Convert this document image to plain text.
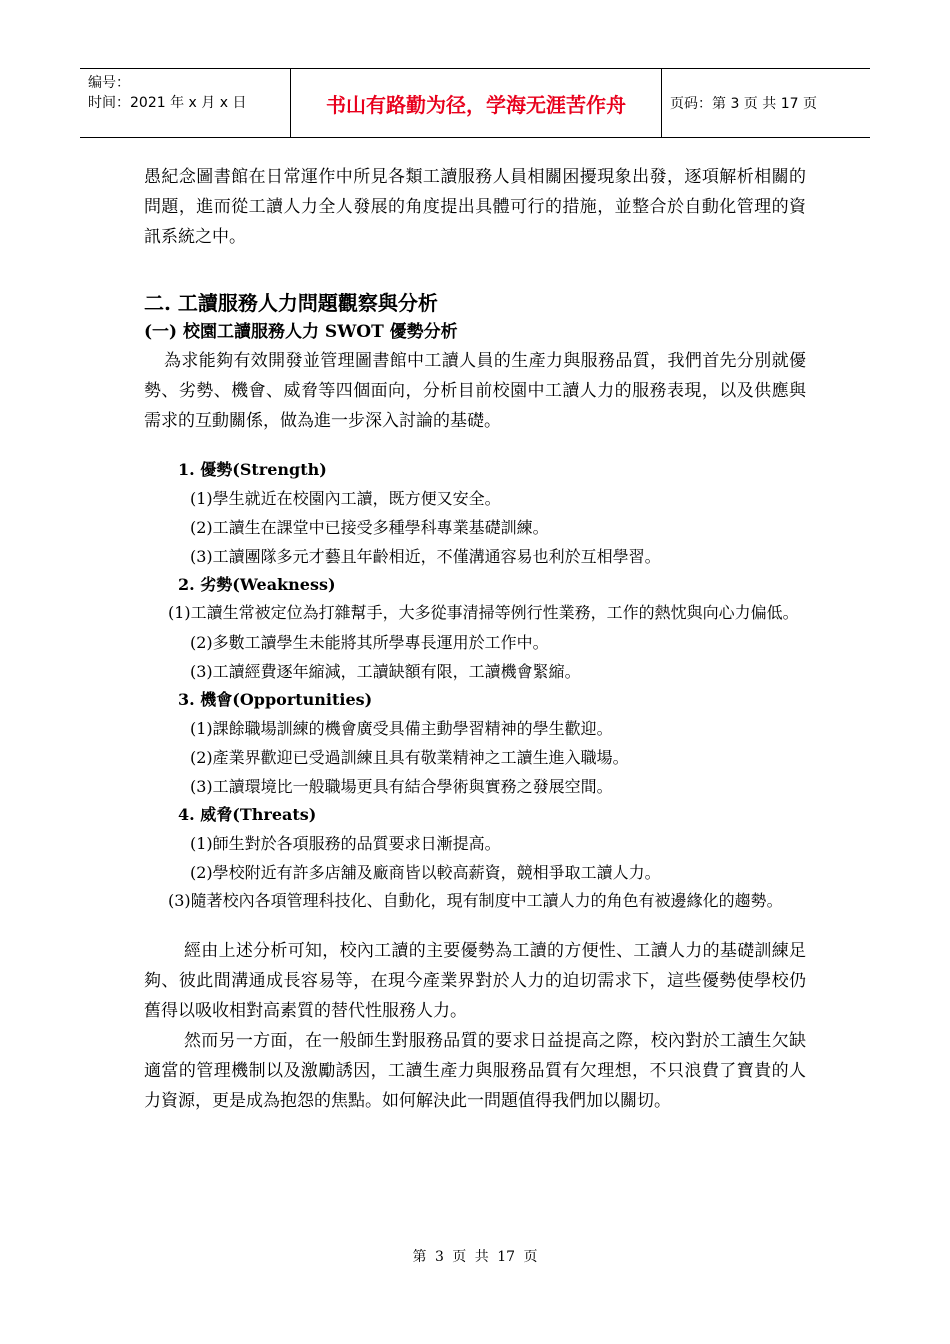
编号：
时间：2021 年 x 月 x 日	书山有路勤为径，学海无涯苦作舟	页码：第 3 页 共 17 页

愚紀念圖書館在日常運作中所見各類工讀服務人員相關困擾現象出發，逐項解析相關的問題，進而從工讀人力全人發展的角度提出具體可行的措施，並整合於自動化管理的資訊系統之中。

二. 工讀服務人力問題觀察與分析

(一) 校園工讀服務人力 SWOT 優勢分析

為求能夠有效開發並管理圖書館中工讀人員的生產力與服務品質，我們首先分別就優勢、劣勢、機會、威脅等四個面向，分析目前校園中工讀人力的服務表現，以及供應與需求的互動關係，做為進一步深入討論的基礎。

1. 優勢(Strength)

(1)學生就近在校園內工讀，既方便又安全。

(2)工讀生在課堂中已接受多種學科專業基礎訓練。

(3)工讀團隊多元才藝且年齡相近，不僅溝通容易也利於互相學習。

2. 劣勢(Weakness)

(1)工讀生常被定位為打雜幫手，大多從事清掃等例行性業務，工作的熱忱與向心力偏低。

(2)多數工讀學生未能將其所學專長運用於工作中。

(3)工讀經費逐年縮減，工讀缺額有限，工讀機會緊縮。

3. 機會(Opportunities)

(1)課餘職場訓練的機會廣受具備主動學習精神的學生歡迎。

(2)產業界歡迎已受過訓練且具有敬業精神之工讀生進入職場。

(3)工讀環境比一般職場更具有結合學術與實務之發展空間。

4. 威脅(Threats)

(1)師生對於各項服務的品質要求日漸提高。

(2)學校附近有許多店舖及廠商皆以較高薪資，競相爭取工讀人力。

(3)隨著校內各項管理科技化、自動化，現有制度中工讀人力的角色有被邊緣化的趨勢。

經由上述分析可知，校內工讀的主要優勢為工讀的方便性、工讀人力的基礎訓練足夠、彼此間溝通成長容易等，在現今產業界對於人力的迫切需求下，這些優勢使學校仍舊得以吸收相對高素質的替代性服務人力。

然而另一方面，在一般師生對服務品質的要求日益提高之際，校內對於工讀生欠缺適當的管理機制以及激勵誘因，工讀生產力與服務品質有欠理想，不只浪費了寶貴的人力資源，更是成為抱怨的焦點。如何解決此一問題值得我們加以關切。

第 3 页 共 17 页
